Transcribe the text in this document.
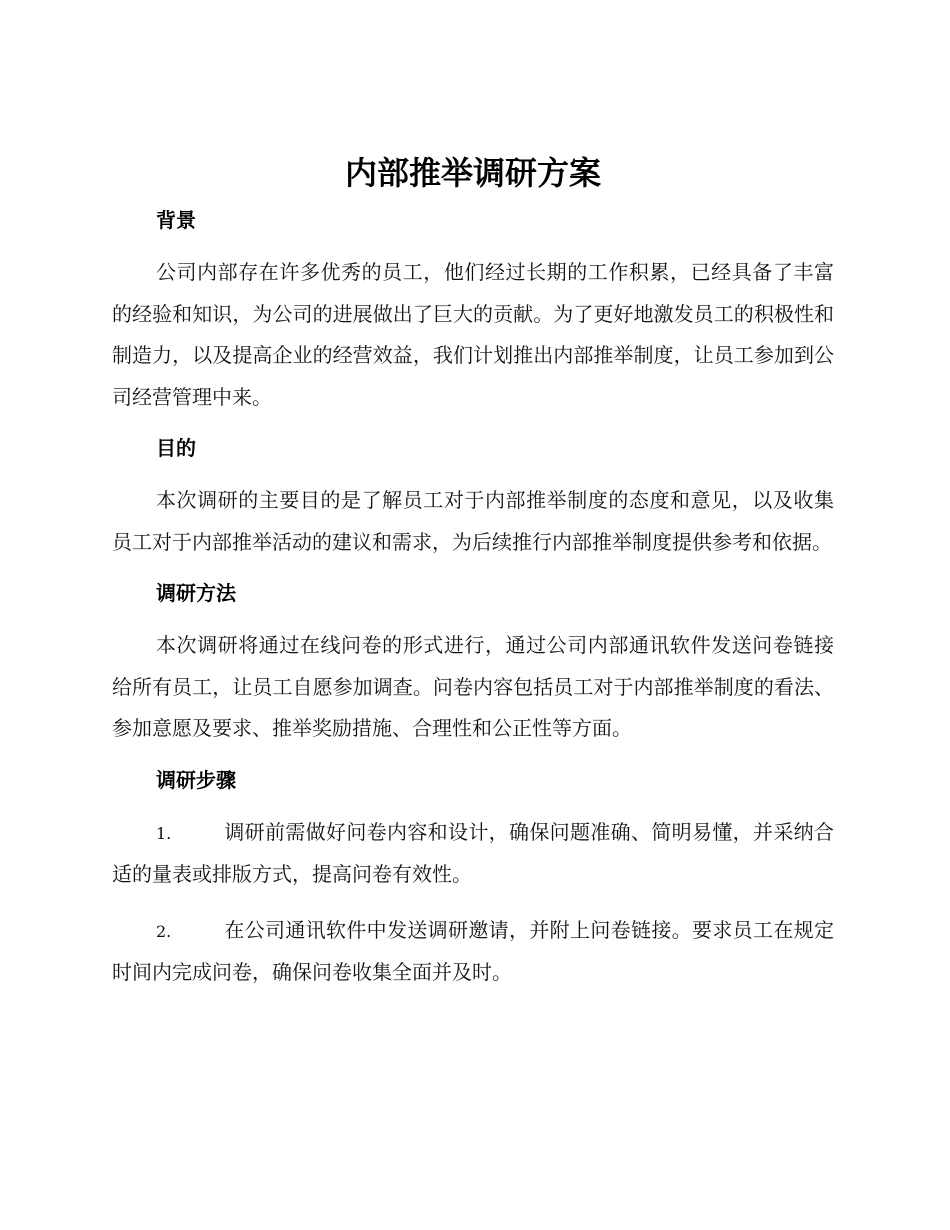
内部推举调研方案
背景

公司内部存在许多优秀的员工，他们经过长期的工作积累，已经具备了丰富的经验和知识，为公司的进展做出了巨大的贡献。为了更好地激发员工的积极性和制造力，以及提高企业的经营效益，我们计划推出内部推举制度，让员工参加到公司经营管理中来。

目的

本次调研的主要目的是了解员工对于内部推举制度的态度和意见，以及收集员工对于内部推举活动的建议和需求，为后续推行内部推举制度提供参考和依据。

调研方法

本次调研将通过在线问卷的形式进行，通过公司内部通讯软件发送问卷链接给所有员工，让员工自愿参加调查。问卷内容包括员工对于内部推举制度的看法、参加意愿及要求、推举奖励措施、合理性和公正性等方面。

调研步骤

1.	调研前需做好问卷内容和设计，确保问题准确、简明易懂，并采纳合适的量表或排版方式，提高问卷有效性。

2.	在公司通讯软件中发送调研邀请，并附上问卷链接。要求员工在规定时间内完成问卷，确保问卷收集全面并及时。
